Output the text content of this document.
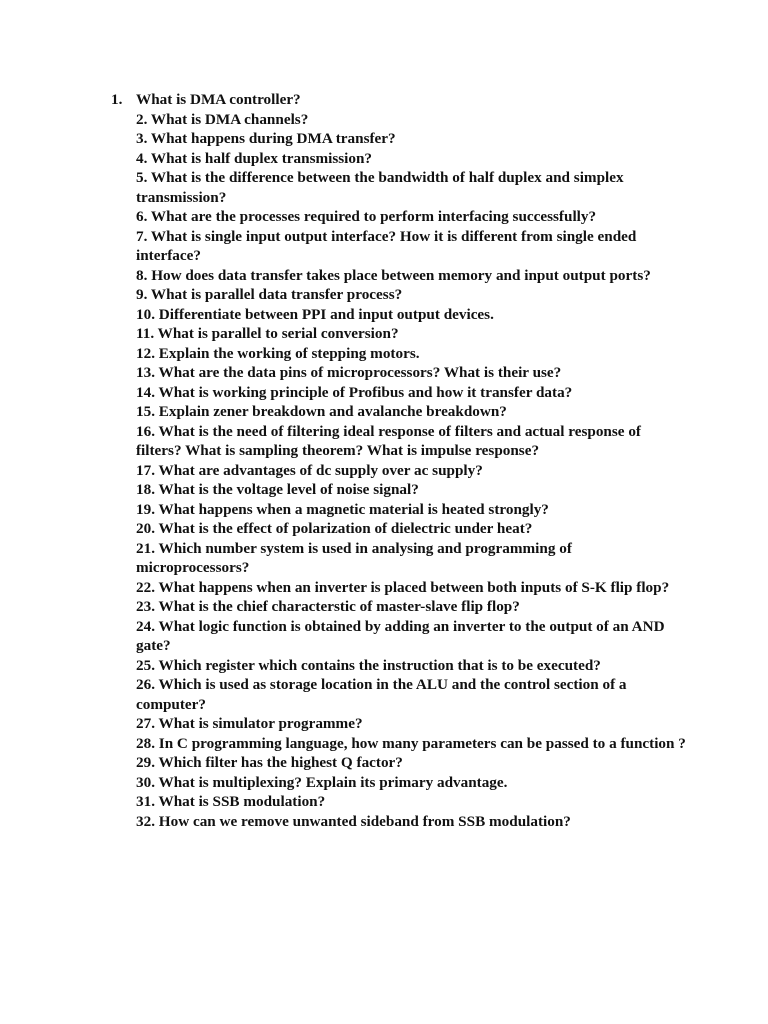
1. What is DMA controller?
2. What is DMA channels?
3. What happens during DMA transfer?
4. What is half duplex transmission?
5. What is the difference between the bandwidth of half duplex and simplex transmission?
6. What are the processes required to perform interfacing successfully?
7. What is single input output interface? How it is different from single ended interface?
8. How does data transfer takes place between memory and input output ports?
9. What is parallel data transfer process?
10. Differentiate between PPI and input output devices.
11. What is parallel to serial conversion?
12. Explain the working of stepping motors.
13. What are the data pins of microprocessors? What is their use?
14. What is working principle of Profibus and how it transfer data?
15. Explain zener breakdown and avalanche breakdown?
16. What is the need of filtering ideal response of filters and actual response of filters? What is sampling theorem? What is impulse response?
17. What are advantages of dc supply over ac supply?
18. What is the voltage level of noise signal?
19. What happens when a magnetic material is heated strongly?
20. What is the effect of polarization of dielectric under heat?
21. Which number system is used in analysing and programming of microprocessors?
22. What happens when an inverter is placed between both inputs of S-K flip flop?
23. What is the chief characterstic of master-slave flip flop?
24. What logic function is obtained by adding an inverter to the output of an AND gate?
25. Which register which contains the instruction that is to be executed?
26. Which is used as storage location in the ALU and the control section of a computer?
27. What is simulator programme?
28. In C programming language, how many parameters can be passed to a function ?
29. Which filter has the highest Q factor?
30. What is multiplexing? Explain its primary advantage.
31. What is SSB modulation?
32. How can we remove unwanted sideband from SSB modulation?
